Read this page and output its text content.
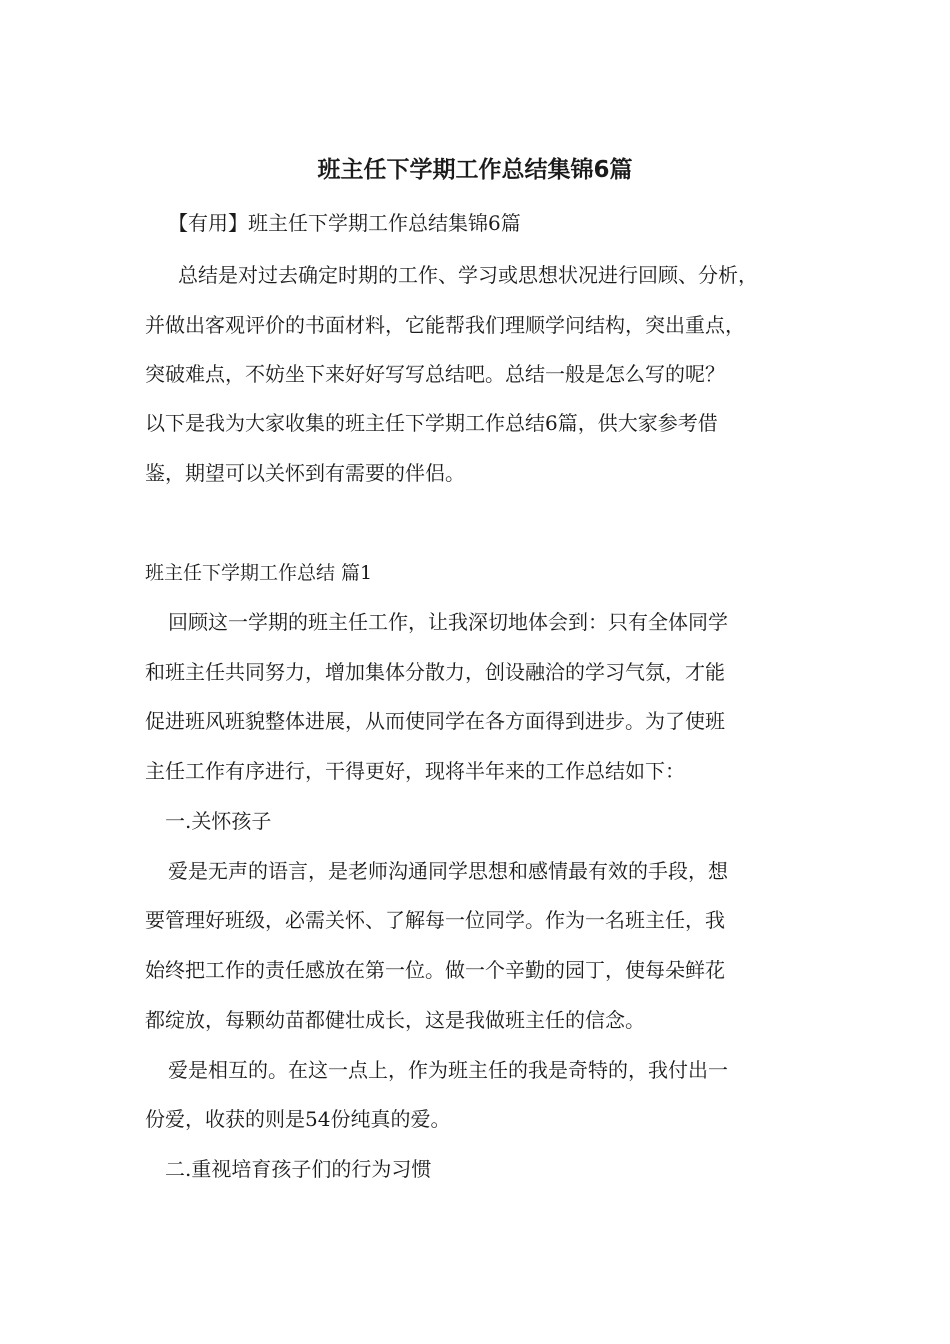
班主任下学期工作总结集锦6篇

【有用】班主任下学期工作总结集锦6篇

总结是对过去确定时期的工作、学习或思想状况进行回顾、分析，

并做出客观评价的书面材料，它能帮我们理顺学问结构，突出重点，

突破难点，不妨坐下来好好写写总结吧。总结一般是怎么写的呢？

以下是我为大家收集的班主任下学期工作总结6篇，供大家参考借

鉴，期望可以关怀到有需要的伴侣。

班主任下学期工作总结 篇1

回顾这一学期的班主任工作，让我深切地体会到：只有全体同学

和班主任共同努力，增加集体分散力，创设融洽的学习气氛，才能

促进班风班貌整体进展，从而使同学在各方面得到进步。为了使班

主任工作有序进行，干得更好，现将半年来的工作总结如下：

一.关怀孩子

爱是无声的语言，是老师沟通同学思想和感情最有效的手段，想

要管理好班级，必需关怀、了解每一位同学。作为一名班主任，我

始终把工作的责任感放在第一位。做一个辛勤的园丁，使每朵鲜花

都绽放，每颗幼苗都健壮成长，这是我做班主任的信念。

爱是相互的。在这一点上，作为班主任的我是奇特的，我付出一

份爱，收获的则是54份纯真的爱。

二.重视培育孩子们的行为习惯
